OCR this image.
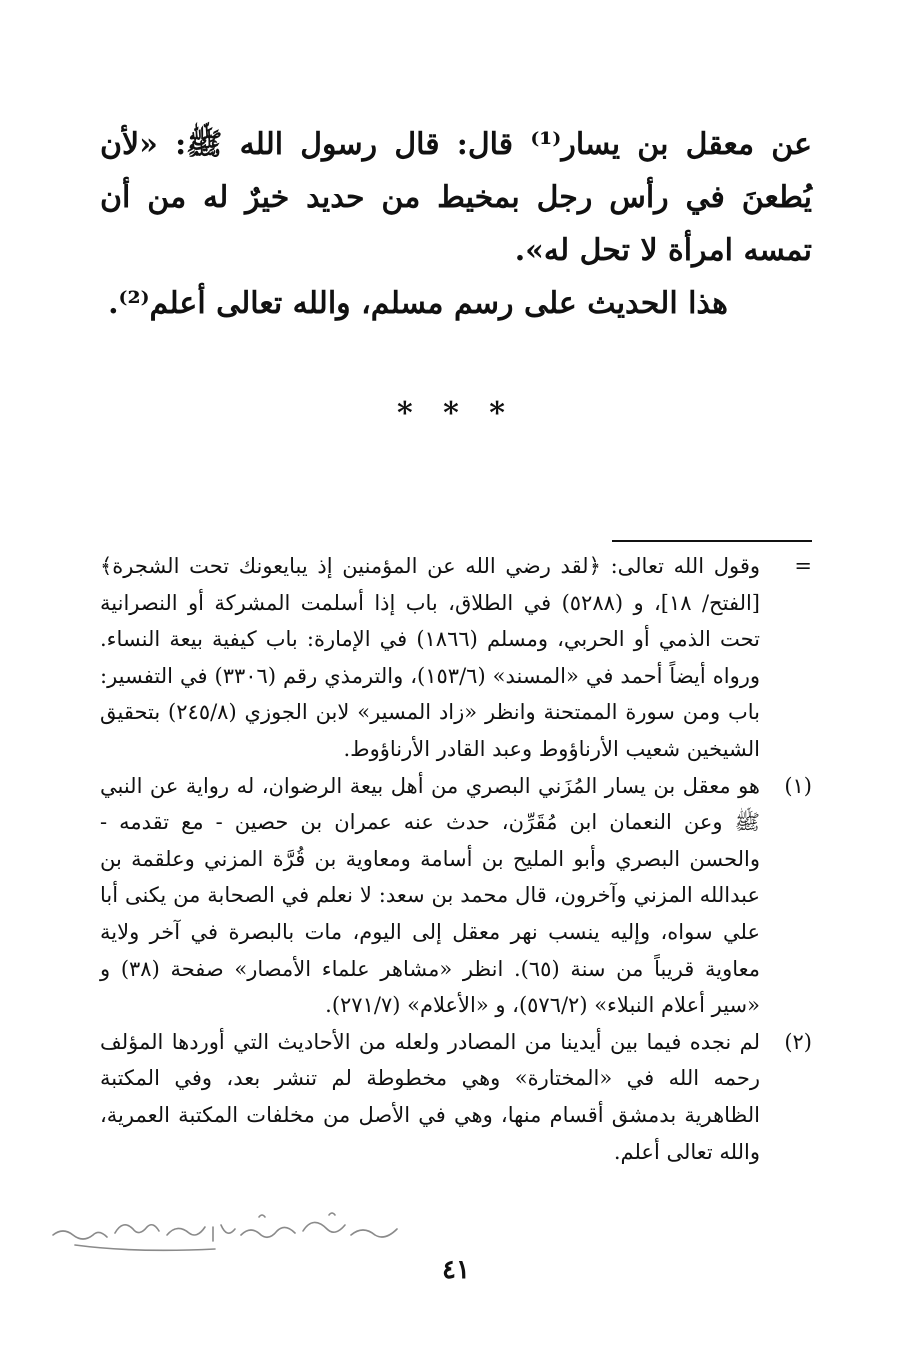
عن معقل بن يسار⁽¹⁾ قال: قال رسول الله ﷺ: «لأن يُطعنَ في رأس رجل بمخيط من حديد خيرٌ له من أن تمسه امرأة لا تحل له».

هذا الحديث على رسم مسلم، والله تعالى أعلم⁽²⁾.

* * *

=
وقول الله تعالى: ﴿لقد رضي الله عن المؤمنين إذ يبايعونك تحت الشجرة﴾ [الفتح/ ١٨]، و (٥٢٨٨) في الطلاق، باب إذا أسلمت المشركة أو النصرانية تحت الذمي أو الحربي، ومسلم (١٨٦٦) في الإمارة: باب كيفية بيعة النساء. ورواه أيضاً أحمد في «المسند» (١٥٣/٦)، والترمذي رقم (٣٣٠٦) في التفسير: باب ومن سورة الممتحنة وانظر «زاد المسير» لابن الجوزي (٢٤٥/٨) بتحقيق الشيخين شعيب الأرناؤوط وعبد القادر الأرناؤوط.

(١)
هو معقل بن يسار المُزَني البصري من أهل بيعة الرضوان، له رواية عن النبي ﷺ وعن النعمان ابن مُقَرِّن، حدث عنه عمران بن حصين - مع تقدمه - والحسن البصري وأبو المليح بن أسامة ومعاوية بن قُرَّة المزني وعلقمة بن عبدالله المزني وآخرون، قال محمد بن سعد: لا نعلم في الصحابة من يكنى أبا علي سواه، وإليه ينسب نهر معقل إلى اليوم، مات بالبصرة في آخر ولاية معاوية قريباً من سنة (٦٥). انظر «مشاهر علماء الأمصار» صفحة (٣٨) و «سير أعلام النبلاء» (٥٧٦/٢)، و «الأعلام» (٢٧١/٧).

(٢)
لم نجده فيما بين أيدينا من المصادر ولعله من الأحاديث التي أوردها المؤلف رحمه الله في «المختارة» وهي مخطوطة لم تنشر بعد، وفي المكتبة الظاهرية بدمشق أقسام منها، وهي في الأصل من مخلفات المكتبة العمرية، والله تعالى أعلم.

٤١
